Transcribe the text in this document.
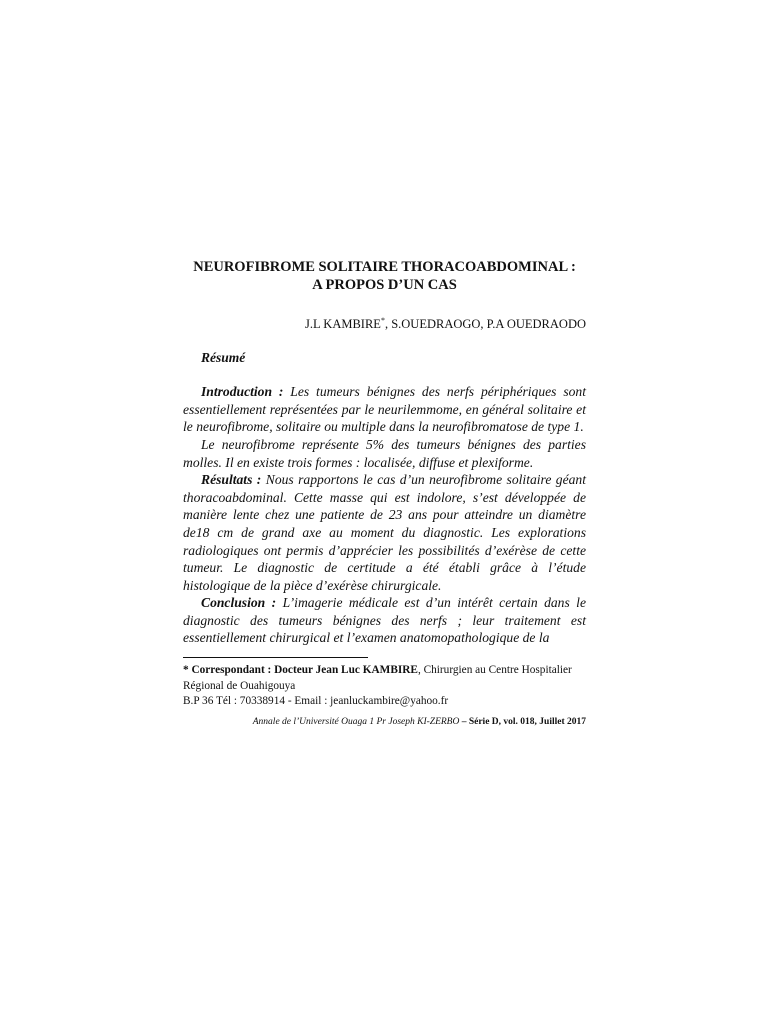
NEUROFIBROME SOLITAIRE THORACOABDOMINAL :
A PROPOS D’UN CAS
J.L KAMBIRE*, S.OUEDRAOGO, P.A OUEDRAODO
Résumé

Introduction : Les tumeurs bénignes des nerfs périphériques sont essentiellement représentées par le neurilemmome, en général solitaire et le neurofibrome, solitaire ou multiple dans la neurofibromatose de type 1.

Le neurofibrome représente 5% des tumeurs bénignes des parties molles. Il en existe trois formes : localisée, diffuse et plexiforme.

Résultats : Nous rapportons le cas d’un neurofibrome solitaire géant thoracoabdominal. Cette masse qui est indolore, s’est développée de manière lente chez une patiente de 23 ans pour atteindre un diamètre de18 cm de grand axe au moment du diagnostic. Les explorations radiologiques ont permis d’apprécier les possibilités d’exérèse de cette tumeur. Le diagnostic de certitude a été établi grâce à l’étude histologique de la pièce d’exérèse chirurgicale.

Conclusion : L’imagerie médicale est d’un intérêt certain dans le diagnostic des tumeurs bénignes des nerfs ; leur traitement est essentiellement chirurgical et l’examen anatomopathologique de la

* Correspondant : Docteur Jean Luc KAMBIRE, Chirurgien au Centre Hospitalier Régional de Ouahigouya
B.P 36 Tél : 70338914 - Email : jeanluckambire@yahoo.fr
Annale de l’Université Ouaga 1 Pr Joseph KI-ZERBO – Série D, vol. 018, Juillet 2017
